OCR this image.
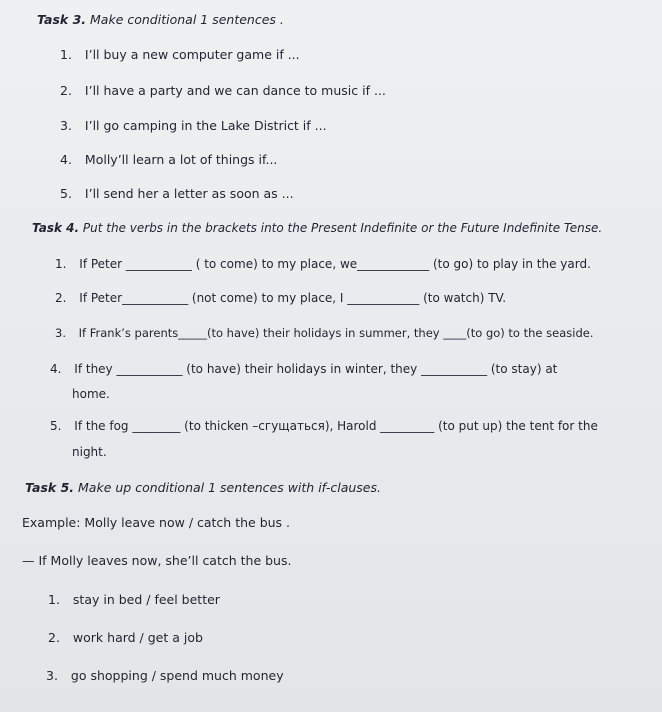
Task 3. Make conditional 1 sentences .
1. I’ll buy a new computer game if ...
2. I’ll have a party and we can dance to music if ...
3. I’ll go camping in the Lake District if ...
4. Molly’ll learn a lot of things if...
5. I’ll send her a letter as soon as ...
Task 4. Put the verbs in the brackets into the Present Indefinite or the Future Indefinite Tense.
1. If Peter ___________ ( to come) to my place, we____________ (to go) to play in the yard.
2. If Peter___________ (not come) to my place, I ____________ (to watch) TV.
3. If Frank’s parents_____(to have) their holidays in summer, they ____(to go) to the seaside.
4. If they ___________ (to have) their holidays in winter, they ___________ (to stay) at
home.
5. If the fog ________ (to thicken –сгущаться), Harold _________ (to put up) the tent for the
night.
Task 5. Make up conditional 1 sentences with if-clauses.
Example: Molly leave now / catch the bus .
— If Molly leaves now, she’ll catch the bus.
1. stay in bed / feel better
2. work hard / get a job
3. go shopping / spend much money
